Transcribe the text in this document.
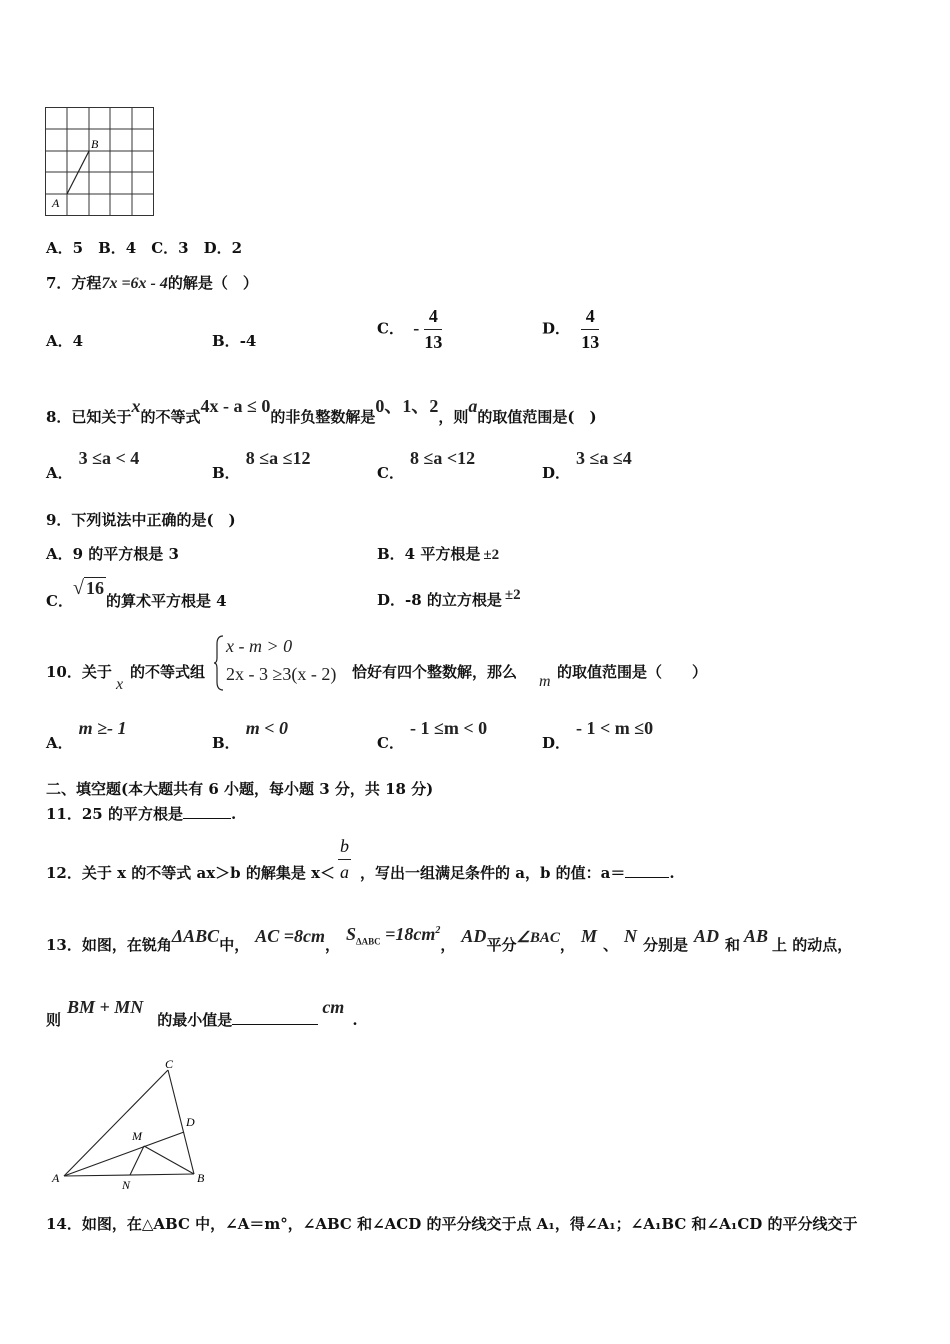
B
A
A．5　B．4　C．3　D．2
7．方程7x =6x - 4的解是（　）
A．4	B．-4
C． - $\frac{4}{13}$	D． $\frac{4}{13}$
8．已知关于x的不等式4x - a ≤ 0的非负整数解是0、1、2，则a的取值范围是(　)
A．3 ≤a < 4
B．8 ≤a ≤12
C．8 ≤a <12
D．3 ≤a ≤4
9．下列说法中正确的是(　)
A．9 的平方根是 3	B．4 平方根是 ±2
C．√ 16的算术平方根是 4	D．-8 的立方根是 ±2
10．关于
x
的不等式组
x - m > 0
2x - 3 ≥3(x - 2) 恰好有四个整数解，那么
m
的取值范围是（　　）
A．m ≥- 1
B．m < 0
C．- 1 ≤m < 0
D．- 1 < m ≤0
二、填空题(本大题共有 6 小题，每小题 3 分，共 18 分)
11．25 的平方根是	.
12．关于 x 的不等式 ax＞b 的解集是 $x< \frac{b}{a}$ ，写出一组满足条件的 a，b 的值：a＝	.
13．如图，在锐角ΔABC中， AC =8cm，$S_{\Delta ABC} =18cm^2$， AD平分∠BAC， M 、 N 分别是 AD 和 AB 上 的动点，
则BM + MN的最小值是cm.
C
D
M
A	N	B
14．如图，在△ABC 中，∠A＝m°，∠ABC 和∠ACD 的平分线交于点 A₁，得∠A₁；∠A₁BC 和∠A₁CD 的平分线交于
